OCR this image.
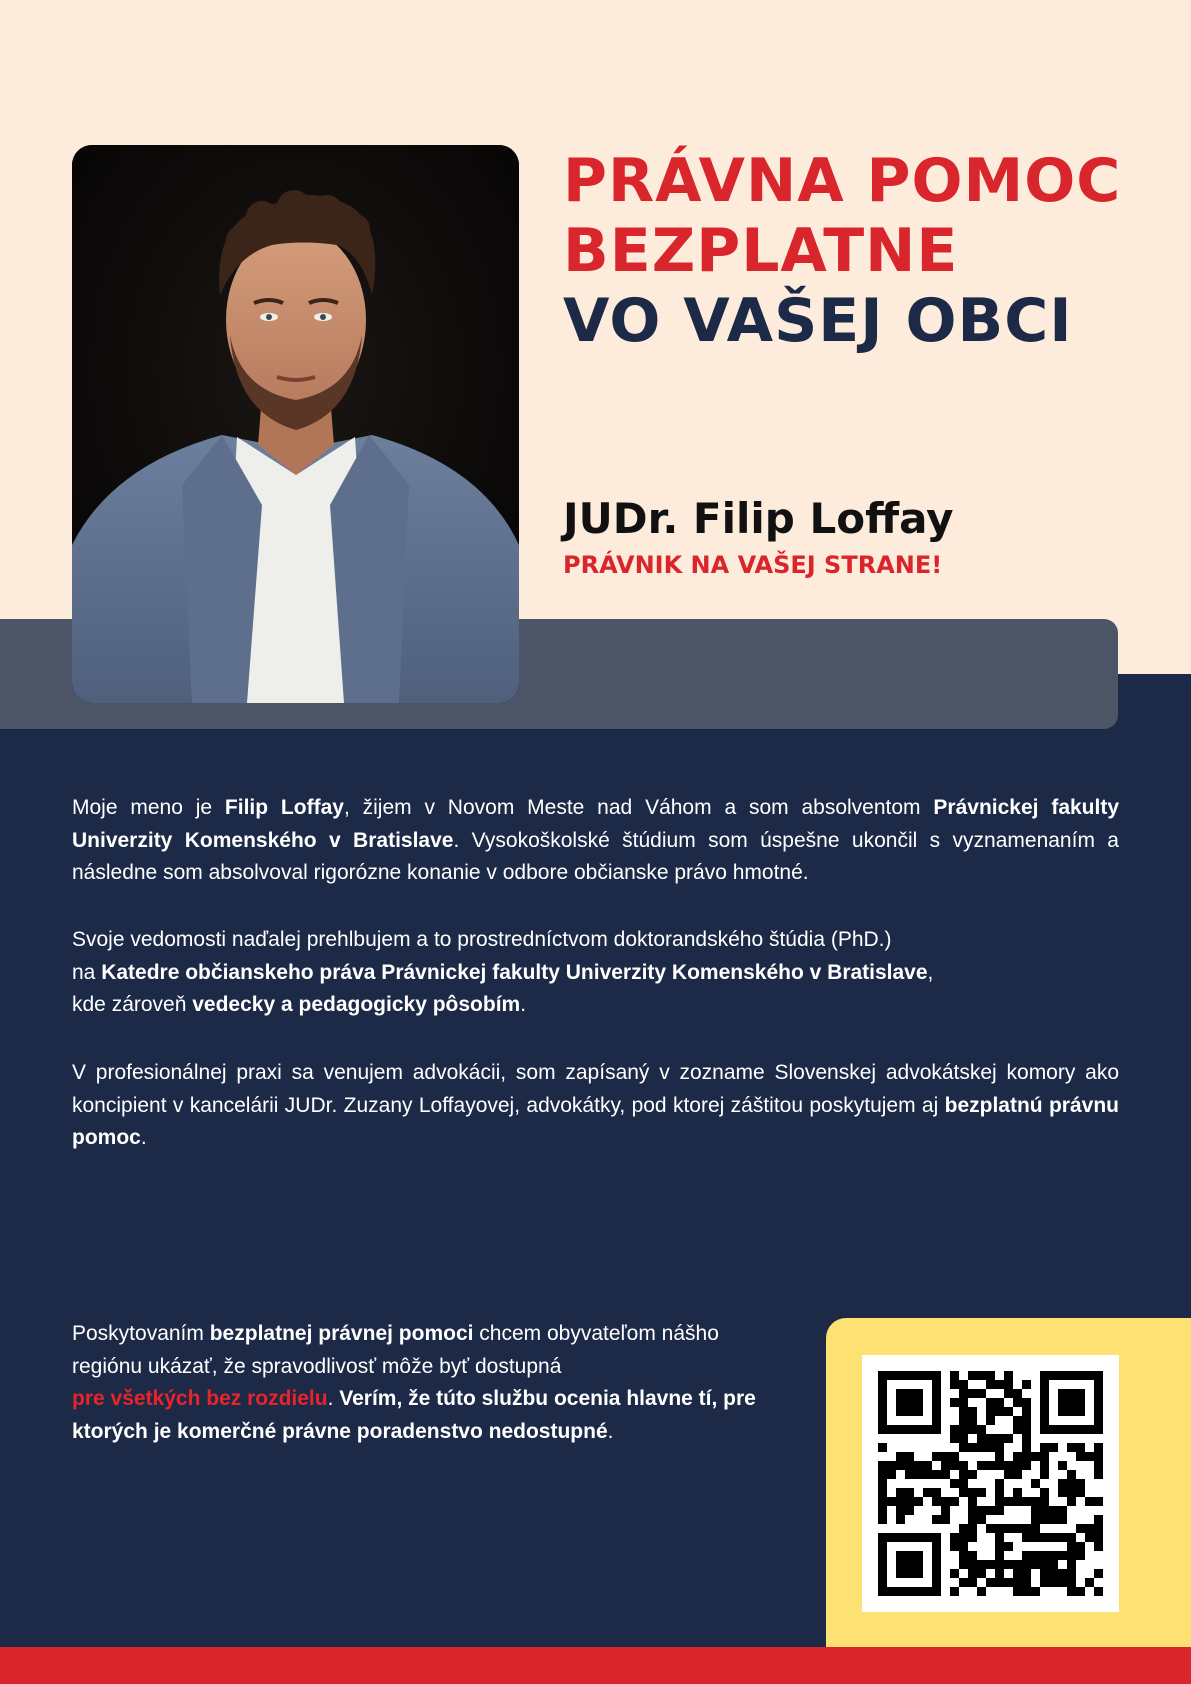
PRÁVNA POMOC
BEZPLATNE
VO VAŠEJ OBCI
JUDr. Filip Loffay
PRÁVNIK NA VAŠEJ STRANE!

Moje meno je Filip Loffay, žijem v Novom Meste nad Váhom a som absolventom Právnickej fakulty Univerzity Komenského v Bratislave. Vysokoškolské štúdium som úspešne ukončil s vyznamenaním a následne som absolvoval rigorózne konanie v odbore občianske právo hmotné.

Svoje vedomosti naďalej prehlbujem a to prostredníctvom doktorandského štúdia (PhD.)
na Katedre občianskeho práva Právnickej fakulty Univerzity Komenského v Bratislave,
kde zároveň vedecky a pedagogicky pôsobím.

V profesionálnej praxi sa venujem advokácii, som zapísaný v zozname Slovenskej advokátskej komory ako koncipient v kancelárii JUDr. Zuzany Loffayovej, advokátky, pod ktorej záštitou poskytujem aj bezplatnú právnu pomoc.

Poskytovaním bezplatnej právnej pomoci chcem obyvateľom nášho regiónu ukázať, že spravodlivosť môže byť dostupná
pre všetkých bez rozdielu. Verím, že túto službu ocenia hlavne tí, pre ktorých je komerčné právne poradenstvo nedostupné.
